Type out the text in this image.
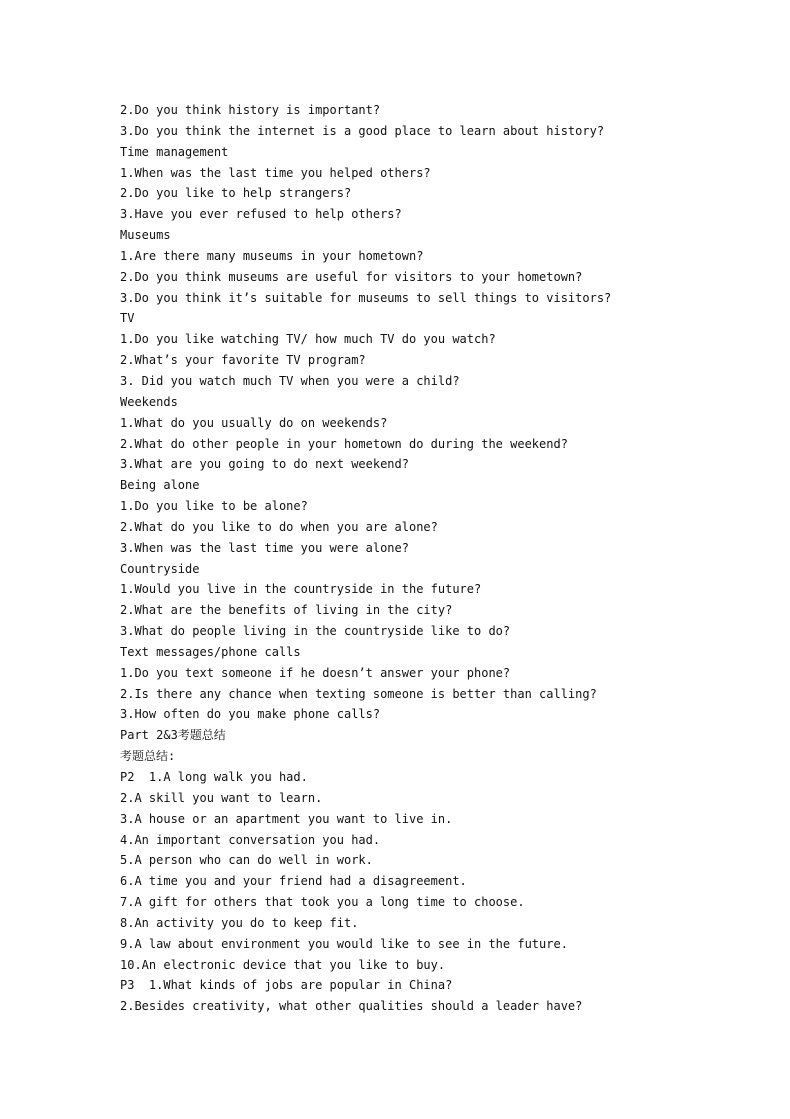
2.Do you think history is important?
3.Do you think the internet is a good place to learn about history?
Time management
1.When was the last time you helped others?
2.Do you like to help strangers?
3.Have you ever refused to help others?
Museums
1.Are there many museums in your hometown?
2.Do you think museums are useful for visitors to your hometown?
3.Do you think it’s suitable for museums to sell things to visitors?
TV
1.Do you like watching TV/ how much TV do you watch?
2.What’s your favorite TV program?
3. Did you watch much TV when you were a child?
Weekends
1.What do you usually do on weekends?
2.What do other people in your hometown do during the weekend?
3.What are you going to do next weekend?
Being alone
1.Do you like to be alone?
2.What do you like to do when you are alone?
3.When was the last time you were alone?
Countryside
1.Would you live in the countryside in the future?
2.What are the benefits of living in the city?
3.What do people living in the countryside like to do?
Text messages/phone calls
1.Do you text someone if he doesn’t answer your phone?
2.Is there any chance when texting someone is better than calling?
3.How often do you make phone calls?
Part 2&3考题总结
考题总结:
P2  1.A long walk you had.
2.A skill you want to learn.
3.A house or an apartment you want to live in.
4.An important conversation you had.
5.A person who can do well in work.
6.A time you and your friend had a disagreement.
7.A gift for others that took you a long time to choose.
8.An activity you do to keep fit.
9.A law about environment you would like to see in the future.
10.An electronic device that you like to buy.
P3  1.What kinds of jobs are popular in China?
2.Besides creativity, what other qualities should a leader have?
